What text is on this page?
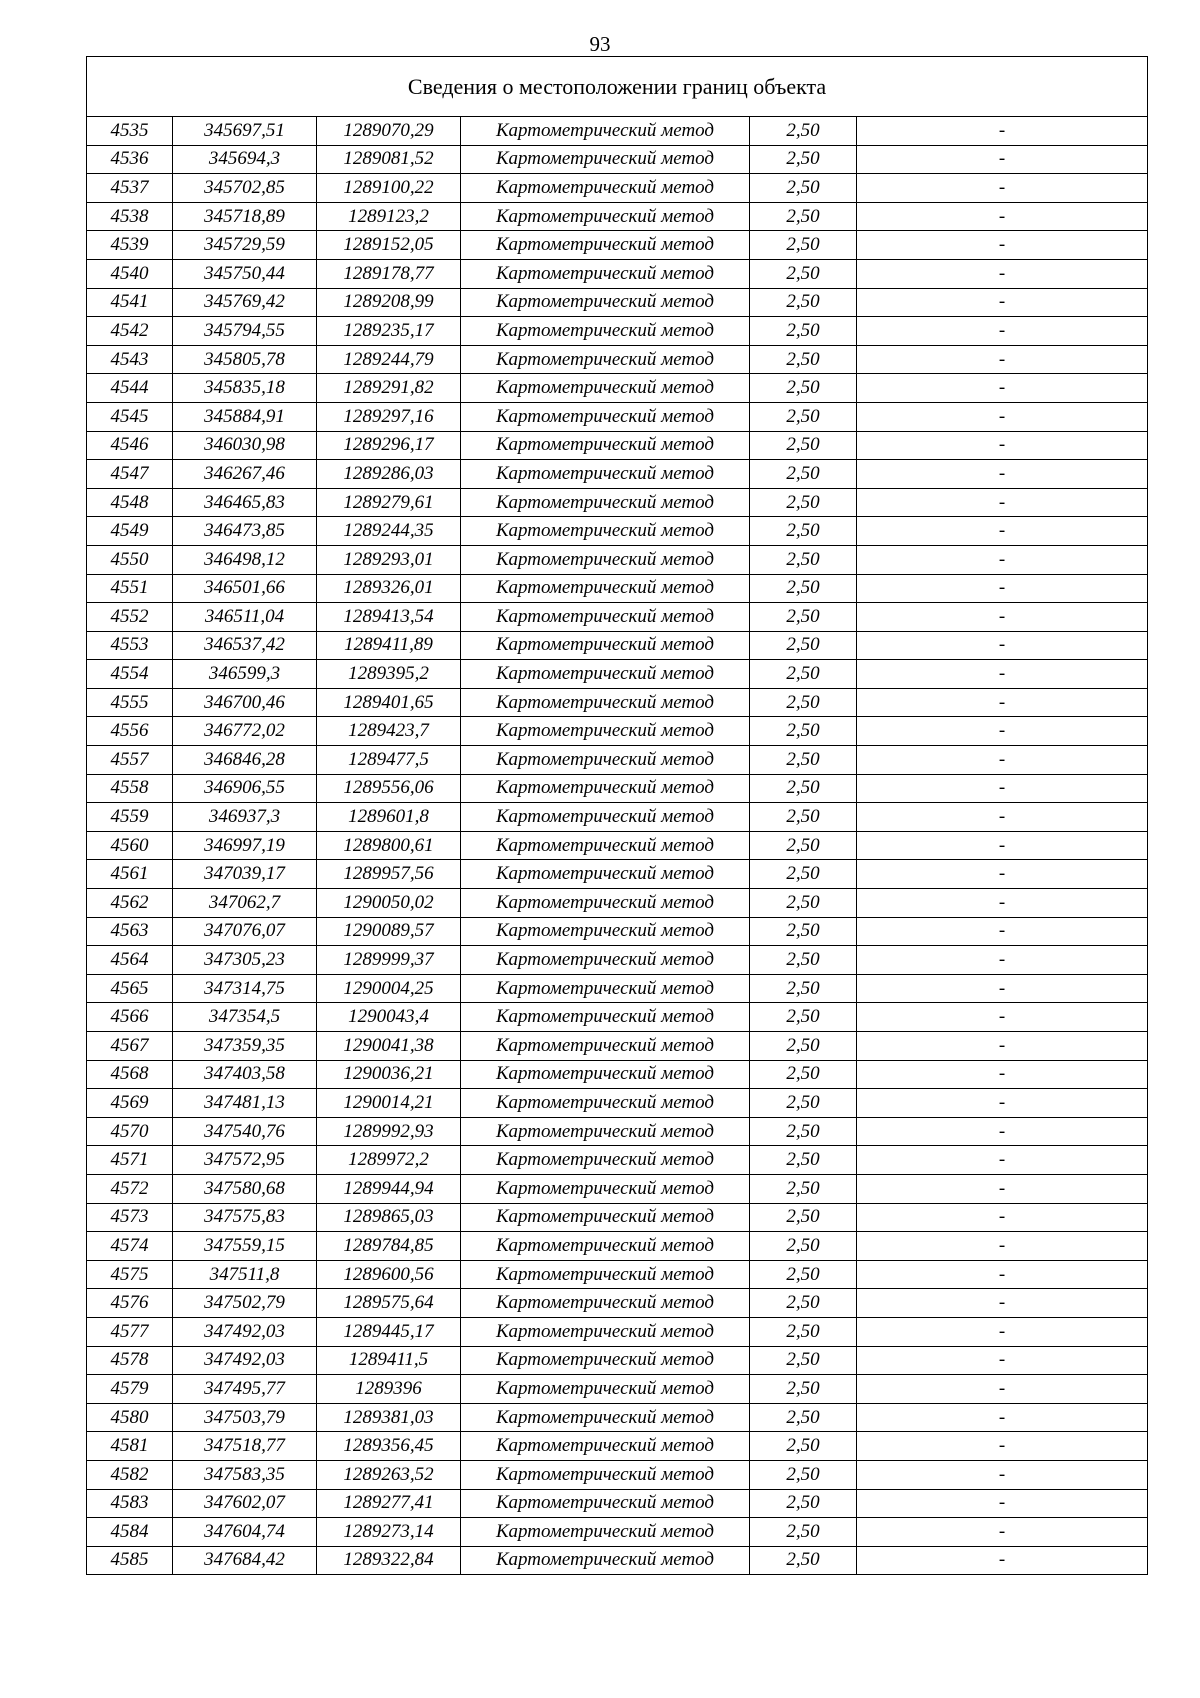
93
Сведения о местоположении границ объекта					
4535	345697,51	1289070,29	Картометрический метод	2,50	-
4536	345694,3	1289081,52	Картометрический метод	2,50	-
4537	345702,85	1289100,22	Картометрический метод	2,50	-
4538	345718,89	1289123,2	Картометрический метод	2,50	-
4539	345729,59	1289152,05	Картометрический метод	2,50	-
4540	345750,44	1289178,77	Картометрический метод	2,50	-
4541	345769,42	1289208,99	Картометрический метод	2,50	-
4542	345794,55	1289235,17	Картометрический метод	2,50	-
4543	345805,78	1289244,79	Картометрический метод	2,50	-
4544	345835,18	1289291,82	Картометрический метод	2,50	-
4545	345884,91	1289297,16	Картометрический метод	2,50	-
4546	346030,98	1289296,17	Картометрический метод	2,50	-
4547	346267,46	1289286,03	Картометрический метод	2,50	-
4548	346465,83	1289279,61	Картометрический метод	2,50	-
4549	346473,85	1289244,35	Картометрический метод	2,50	-
4550	346498,12	1289293,01	Картометрический метод	2,50	-
4551	346501,66	1289326,01	Картометрический метод	2,50	-
4552	346511,04	1289413,54	Картометрический метод	2,50	-
4553	346537,42	1289411,89	Картометрический метод	2,50	-
4554	346599,3	1289395,2	Картометрический метод	2,50	-
4555	346700,46	1289401,65	Картометрический метод	2,50	-
4556	346772,02	1289423,7	Картометрический метод	2,50	-
4557	346846,28	1289477,5	Картометрический метод	2,50	-
4558	346906,55	1289556,06	Картометрический метод	2,50	-
4559	346937,3	1289601,8	Картометрический метод	2,50	-
4560	346997,19	1289800,61	Картометрический метод	2,50	-
4561	347039,17	1289957,56	Картометрический метод	2,50	-
4562	347062,7	1290050,02	Картометрический метод	2,50	-
4563	347076,07	1290089,57	Картометрический метод	2,50	-
4564	347305,23	1289999,37	Картометрический метод	2,50	-
4565	347314,75	1290004,25	Картометрический метод	2,50	-
4566	347354,5	1290043,4	Картометрический метод	2,50	-
4567	347359,35	1290041,38	Картометрический метод	2,50	-
4568	347403,58	1290036,21	Картометрический метод	2,50	-
4569	347481,13	1290014,21	Картометрический метод	2,50	-
4570	347540,76	1289992,93	Картометрический метод	2,50	-
4571	347572,95	1289972,2	Картометрический метод	2,50	-
4572	347580,68	1289944,94	Картометрический метод	2,50	-
4573	347575,83	1289865,03	Картометрический метод	2,50	-
4574	347559,15	1289784,85	Картометрический метод	2,50	-
4575	347511,8	1289600,56	Картометрический метод	2,50	-
4576	347502,79	1289575,64	Картометрический метод	2,50	-
4577	347492,03	1289445,17	Картометрический метод	2,50	-
4578	347492,03	1289411,5	Картометрический метод	2,50	-
4579	347495,77	1289396	Картометрический метод	2,50	-
4580	347503,79	1289381,03	Картометрический метод	2,50	-
4581	347518,77	1289356,45	Картометрический метод	2,50	-
4582	347583,35	1289263,52	Картометрический метод	2,50	-
4583	347602,07	1289277,41	Картометрический метод	2,50	-
4584	347604,74	1289273,14	Картометрический метод	2,50	-
4585	347684,42	1289322,84	Картометрический метод	2,50	-
